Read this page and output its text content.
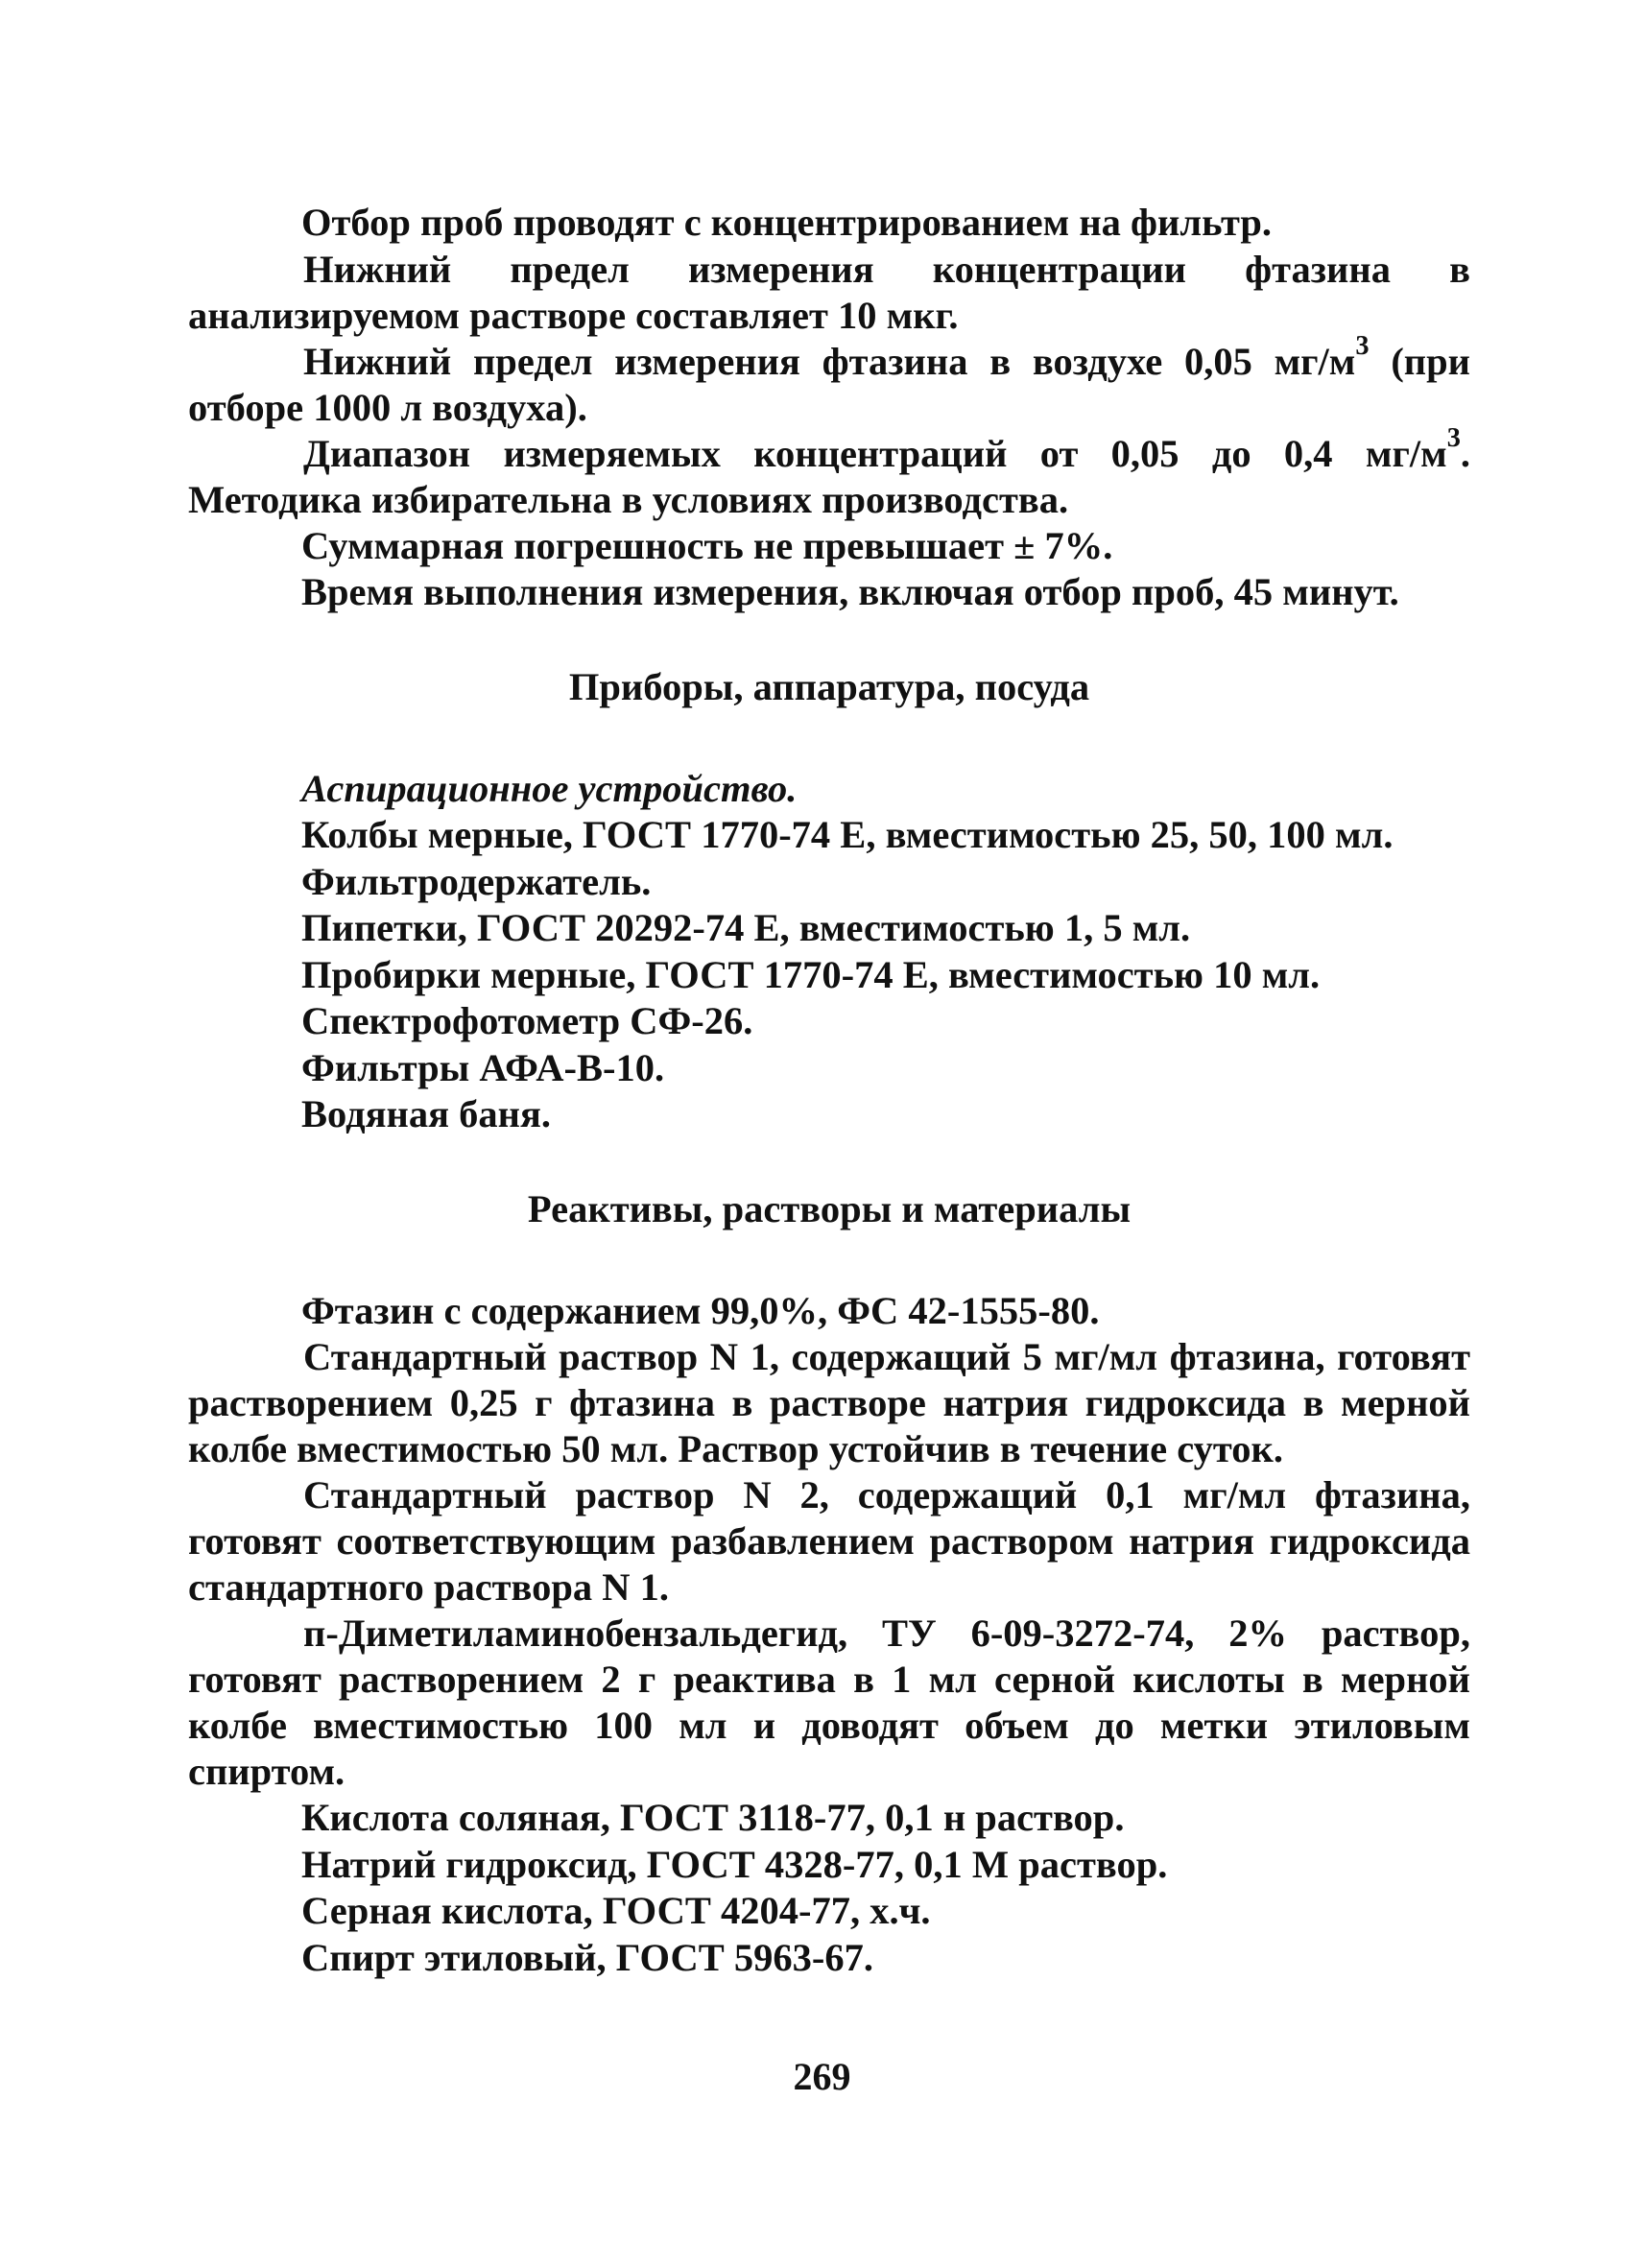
Отбор проб проводят с концентрированием на фильтр.

Нижний предел измерения концентрации фтазина в анализируемом растворе составляет 10 мкг.

Нижний предел измерения фтазина в воздухе 0,05 $мг/м^3$ (при отборе 1000 л воздуха).

Диапазон измеряемых концентраций от 0,05 до 0,4 $мг/м^3$. Методика избирательна в условиях производства.

Суммарная погрешность не превышает ± 7%.

Время выполнения измерения, включая отбор проб, 45 минут.

Приборы, аппаратура, посуда

Аспирационное устройство.

Колбы мерные, ГОСТ 1770-74 Е, вместимостью 25, 50, 100 мл.

Фильтродержатель.

Пипетки, ГОСТ 20292-74 Е, вместимостью 1, 5 мл.

Пробирки мерные, ГОСТ 1770-74 Е, вместимостью 10 мл.

Спектрофотометр СФ-26.

Фильтры АФА-В-10.

Водяная баня.

Реактивы, растворы и материалы

Фтазин с содержанием 99,0%, ФС 42-1555-80.

Стандартный раствор N 1, содержащий 5 мг/мл фтазина, готовят растворением 0,25 г фтазина в растворе натрия гидроксида в мерной колбе вместимостью 50 мл. Раствор устойчив в течение суток.

Стандартный раствор N 2, содержащий 0,1 мг/мл фтазина, готовят соответствующим разбавлением раствором натрия гидроксида стандартного раствора N 1.

п-Диметиламинобензальдегид, ТУ 6-09-3272-74, 2% раствор, готовят растворением 2 г реактива в 1 мл серной кислоты в мерной колбе вместимостью 100 мл и доводят объем до метки этиловым спиртом.

Кислота соляная, ГОСТ 3118-77, 0,1 н раствор.

Натрий гидроксид, ГОСТ 4328-77, 0,1 М раствор.

Серная кислота, ГОСТ 4204-77, х.ч.

Спирт этиловый, ГОСТ 5963-67.

269
